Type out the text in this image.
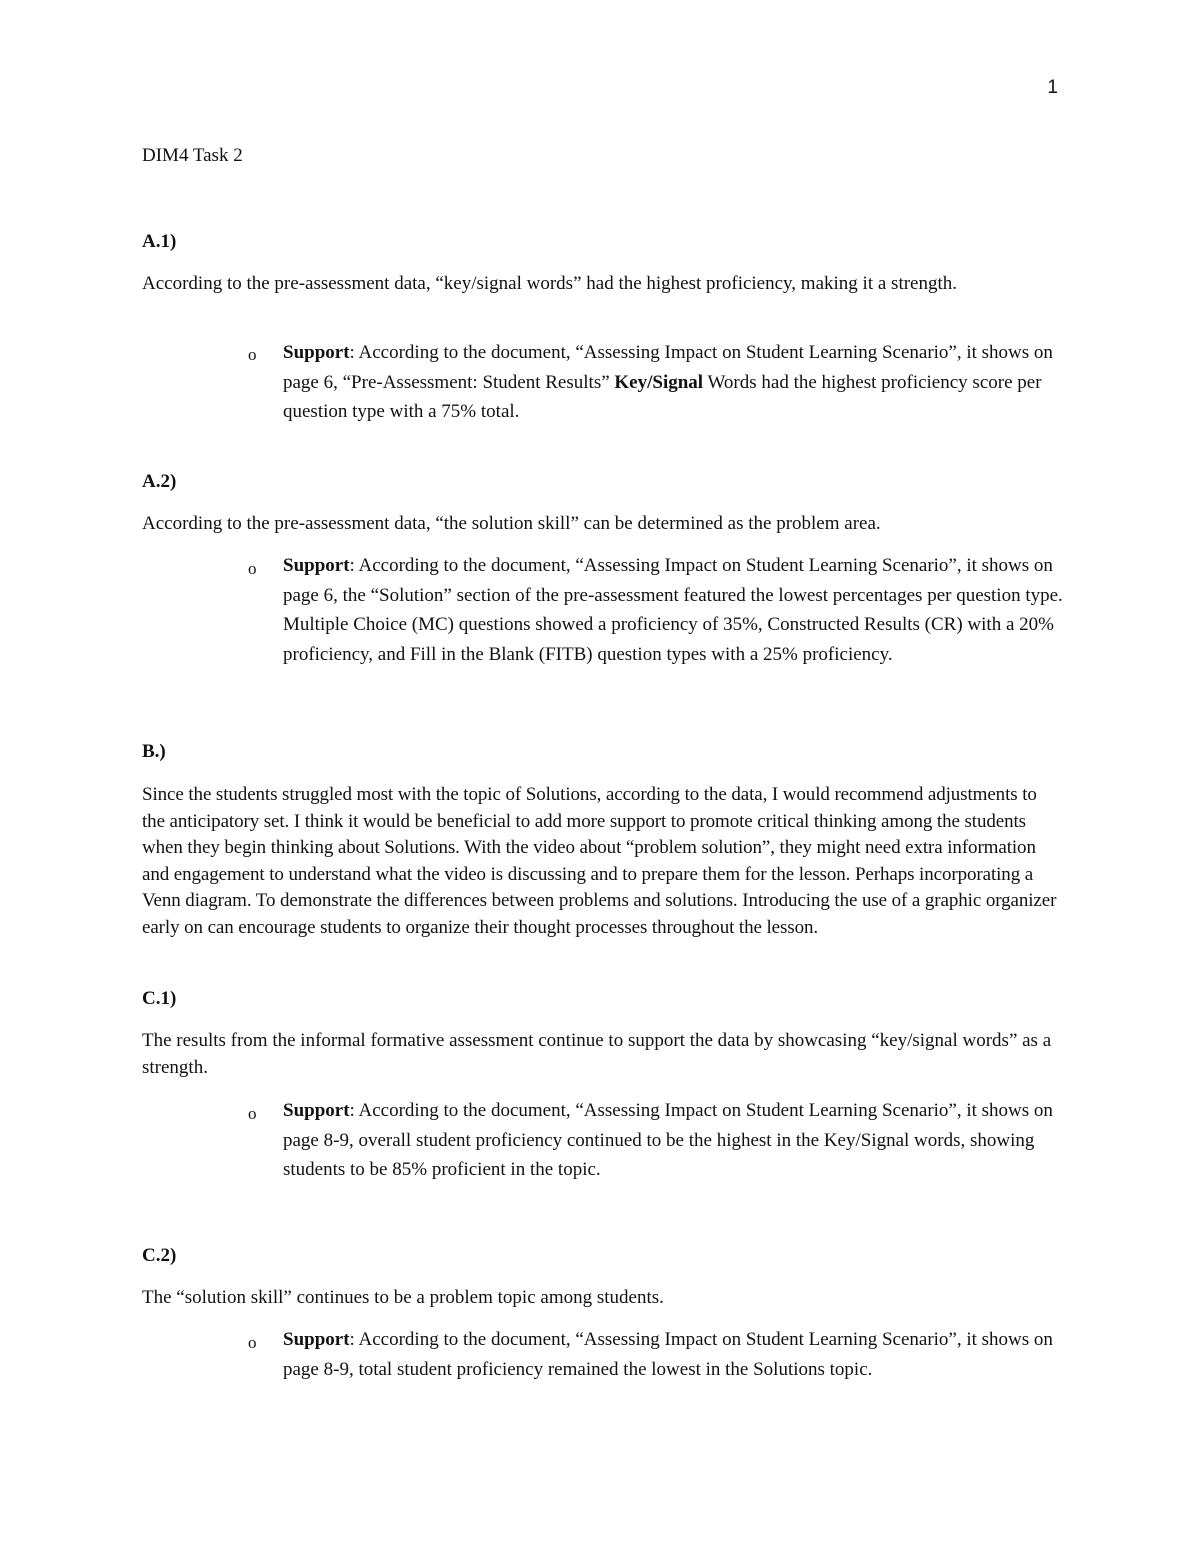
1

DIM4 Task 2

A.1)

According to the pre-assessment data, “key/signal words” had the highest proficiency, making it a strength.

o	Support: According to the document, “Assessing Impact on Student Learning Scenario”, it shows on page 6, “Pre-Assessment: Student Results” Key/Signal Words had the highest proficiency score per question type with a 75% total.

A.2)

According to the pre-assessment data, “the solution skill” can be determined as the problem area.

o	Support: According to the document, “Assessing Impact on Student Learning Scenario”, it shows on page 6, the “Solution” section of the pre-assessment featured the lowest percentages per question type. Multiple Choice (MC) questions showed a proficiency of 35%, Constructed Results (CR) with a 20% proficiency, and Fill in the Blank (FITB) question types with a 25% proficiency.

B.)

Since the students struggled most with the topic of Solutions, according to the data, I would recommend adjustments to the anticipatory set. I think it would be beneficial to add more support to promote critical thinking among the students when they begin thinking about Solutions. With the video about “problem solution”, they might need extra information and engagement to understand what the video is discussing and to prepare them for the lesson. Perhaps incorporating a Venn diagram. To demonstrate the differences between problems and solutions. Introducing the use of a graphic organizer early on can encourage students to organize their thought processes throughout the lesson.

C.1)

The results from the informal formative assessment continue to support the data by showcasing “key/signal words” as a strength.

o	Support: According to the document, “Assessing Impact on Student Learning Scenario”, it shows on page 8-9, overall student proficiency continued to be the highest in the Key/Signal words, showing students to be 85% proficient in the topic.

C.2)

The “solution skill” continues to be a problem topic among students.

o	Support: According to the document, “Assessing Impact on Student Learning Scenario”, it shows on page 8-9, total student proficiency remained the lowest in the Solutions topic.
